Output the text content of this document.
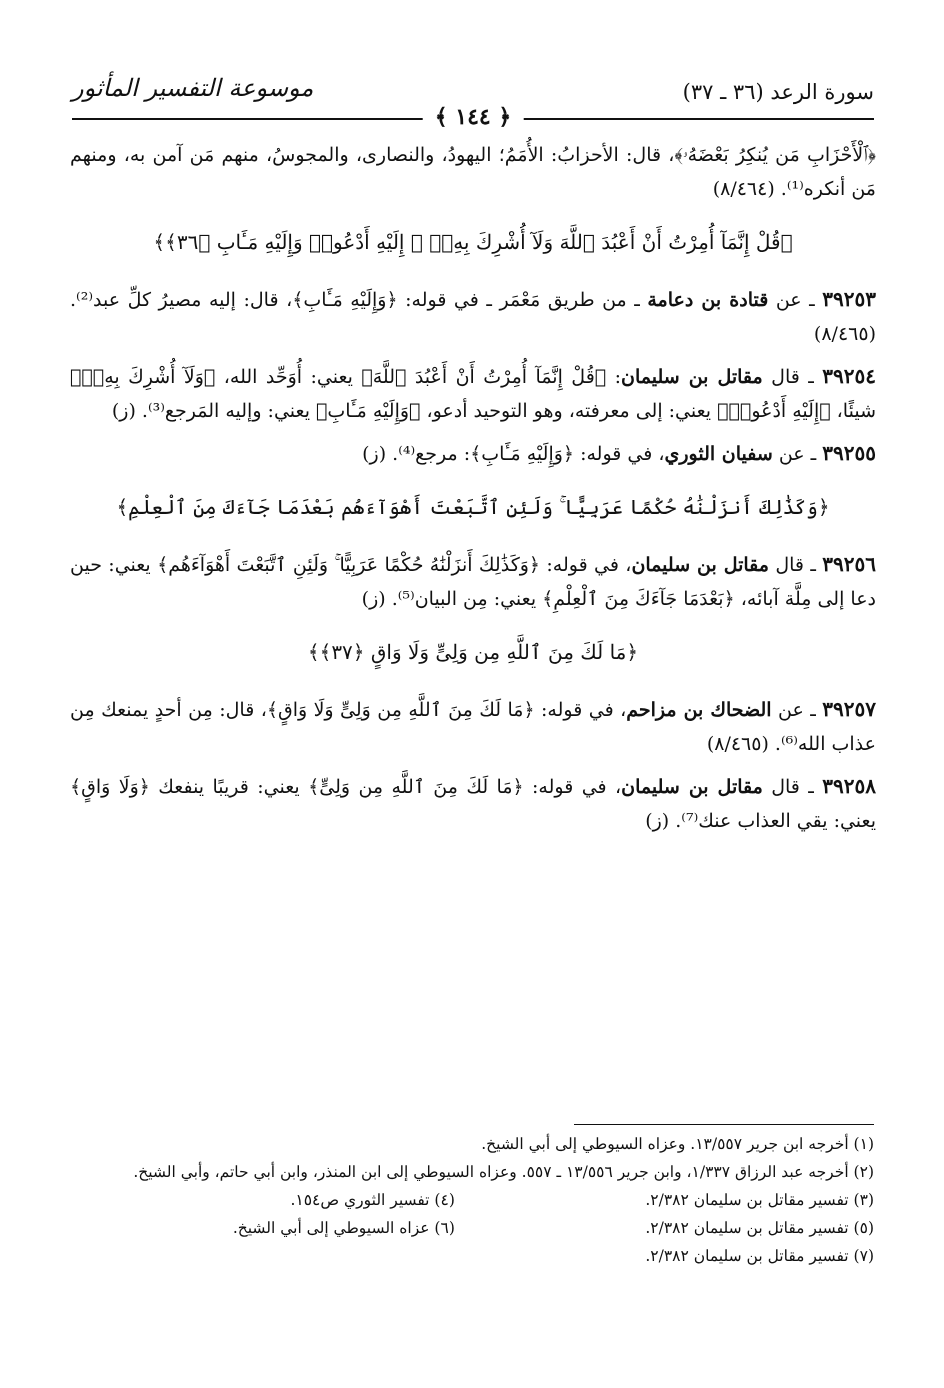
سورة الرعد (٣٦ ـ ٣٧)
موسوعة التفسير المأثور
﴿ ١٤٤ ﴾

﴿ٱلْأَحْزَابِ مَن يُنكِرُ بَعْضَهُۥ﴾، قال: الأحزابُ: الأُمَمُ؛ اليهودُ، والنصارى، والمجوسُ، منهم مَن آمن به، ومنهم مَن أنكره⁽¹⁾. (٨/٤٦٤)

﴿قُلْ إِنَّمَآ أُمِرْتُ أَنْ أَعْبُدَ ٱللَّهَ وَلَآ أُشْرِكَ بِهِۦٓ ۚ إِلَيْهِ أَدْعُوا۟ وَإِلَيْهِ مَـَٔابِ ﴿٣٦﴾﴾

٣٩٢٥٣ ـ عن قتادة بن دعامة ـ من طريق مَعْمَر ـ في قوله: ﴿وَإِلَيْهِ مَـَٔابِ﴾، قال: إليه مصيرُ كلِّ عبد⁽²⁾. (٨/٤٦٥)

٣٩٢٥٤ ـ قال مقاتل بن سليمان: ﴿قُلْ إِنَّمَآ أُمِرْتُ أَنْ أَعْبُدَ ٱللَّهَ﴾ يعني: أُوَحِّد الله، ﴿وَلَآ أُشْرِكَ بِهِۦٓ﴾ شيئًا، ﴿إِلَيْهِ أَدْعُوا۟﴾ يعني: إلى معرفته، وهو التوحيد أدعو، ﴿وَإِلَيْهِ مَـَٔابِ﴾ يعني: وإليه المَرجع⁽³⁾. (ز)

٣٩٢٥٥ ـ عن سفيان الثوري، في قوله: ﴿وَإِلَيْهِ مَـَٔابِ﴾: مرجع⁽⁴⁾. (ز)

﴿وَكَذَٰلِكَ أَنزَلْنَٰهُ حُكْمًا عَرَبِيًّا ۚ وَلَئِنِ ٱتَّبَعْتَ أَهْوَآءَهُم بَعْدَمَا جَآءَكَ مِنَ ٱلْعِلْمِ﴾

٣٩٢٥٦ ـ قال مقاتل بن سليمان، في قوله: ﴿وَكَذَٰلِكَ أَنزَلْنَٰهُ حُكْمًا عَرَبِيًّا ۚ وَلَئِنِ ٱتَّبَعْتَ أَهْوَآءَهُم﴾ يعني: حين دعا إلى مِلَّة آبائه، ﴿بَعْدَمَا جَآءَكَ مِنَ ٱلْعِلْمِ﴾ يعني: مِن البيان⁽⁵⁾. (ز)

﴿مَا لَكَ مِنَ ٱللَّهِ مِن وَلِىٍّ وَلَا وَاقٍ ﴿٣٧﴾﴾

٣٩٢٥٧ ـ عن الضحاك بن مزاحم، في قوله: ﴿مَا لَكَ مِنَ ٱللَّهِ مِن وَلِىٍّ وَلَا وَاقٍ﴾، قال: مِن أحدٍ يمنعك مِن عذاب الله⁽⁶⁾. (٨/٤٦٥)

٣٩٢٥٨ ـ قال مقاتل بن سليمان، في قوله: ﴿مَا لَكَ مِنَ ٱللَّهِ مِن وَلِىٍّ﴾ يعني: قريبًا ينفعك ﴿وَلَا وَاقٍ﴾ يعني: يقي العذاب عنك⁽⁷⁾. (ز)

(١) أخرجه ابن جرير ١٣/٥٥٧. وعزاه السيوطي إلى أبي الشيخ.

(٢) أخرجه عبد الرزاق ١/٣٣٧، وابن جرير ١٣/٥٥٦ ـ ٥٥٧. وعزاه السيوطي إلى ابن المنذر، وابن أبي حاتم، وأبي الشيخ.

(٣) تفسير مقاتل بن سليمان ٢/٣٨٢.

(٤) تفسير الثوري ص١٥٤.

(٥) تفسير مقاتل بن سليمان ٢/٣٨٢.

(٦) عزاه السيوطي إلى أبي الشيخ.

(٧) تفسير مقاتل بن سليمان ٢/٣٨٢.
